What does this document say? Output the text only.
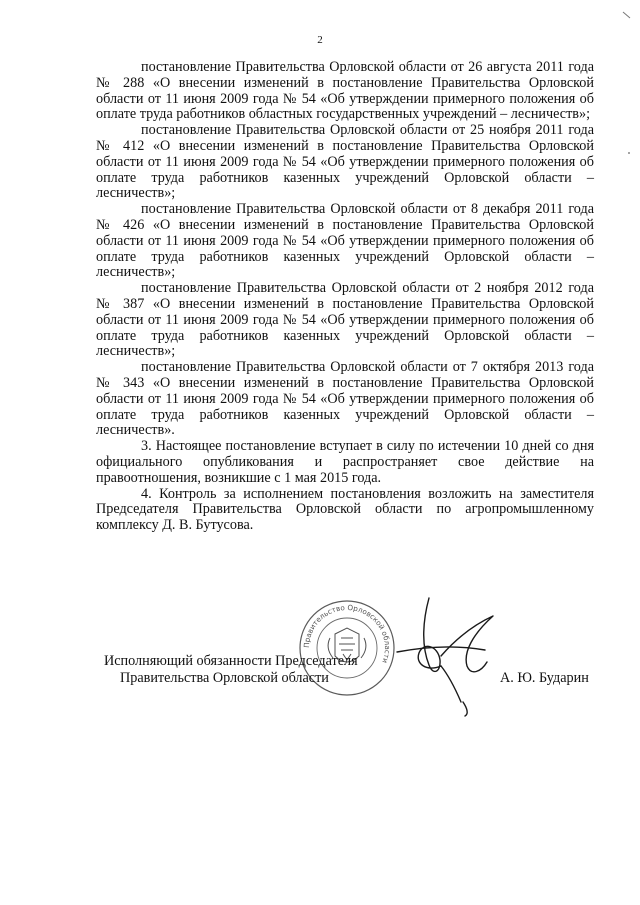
2

постановление Правительства Орловской области от 26 августа 2011 года № 288 «О внесении изменений в постановление Правительства Орловской области от 11 июня 2009 года № 54 «Об утверждении примерного положения об оплате труда работников областных государственных учреждений – лесничеств»;

постановление Правительства Орловской области от 25 ноября 2011 года № 412 «О внесении изменений в постановление Правительства Орловской области от 11 июня 2009 года № 54 «Об утверждении примерного положения об оплате труда работников казенных учреждений Орловской области – лесничеств»;

постановление Правительства Орловской области от 8 декабря 2011 года № 426 «О внесении изменений в постановление Правительства Орловской области от 11 июня 2009 года № 54 «Об утверждении примерного положения об оплате труда работников казенных учреждений Орловской области – лесничеств»;

постановление Правительства Орловской области от 2 ноября 2012 года № 387 «О внесении изменений в постановление Правительства Орловской области от 11 июня 2009 года № 54 «Об утверждении примерного положения об оплате труда работников казенных учреждений Орловской области – лесничеств»;

постановление Правительства Орловской области от 7 октября 2013 года № 343 «О внесении изменений в постановление Правительства Орловской области от 11 июня 2009 года № 54 «Об утверждении примерного положения об оплате труда работников казенных учреждений Орловской области – лесничеств».

3. Настоящее постановление вступает в силу по истечении 10 дней со дня официального опубликования и распространяет свое действие на правоотношения, возникшие с 1 мая 2015 года.

4. Контроль за исполнением постановления возложить на заместителя Председателя Правительства Орловской области по агропромышленному комплексу Д. В. Бутусова.

Правительство Орловской области
Исполняющий обязанности Председателя
Правительства Орловской области	А. Ю. Бударин
